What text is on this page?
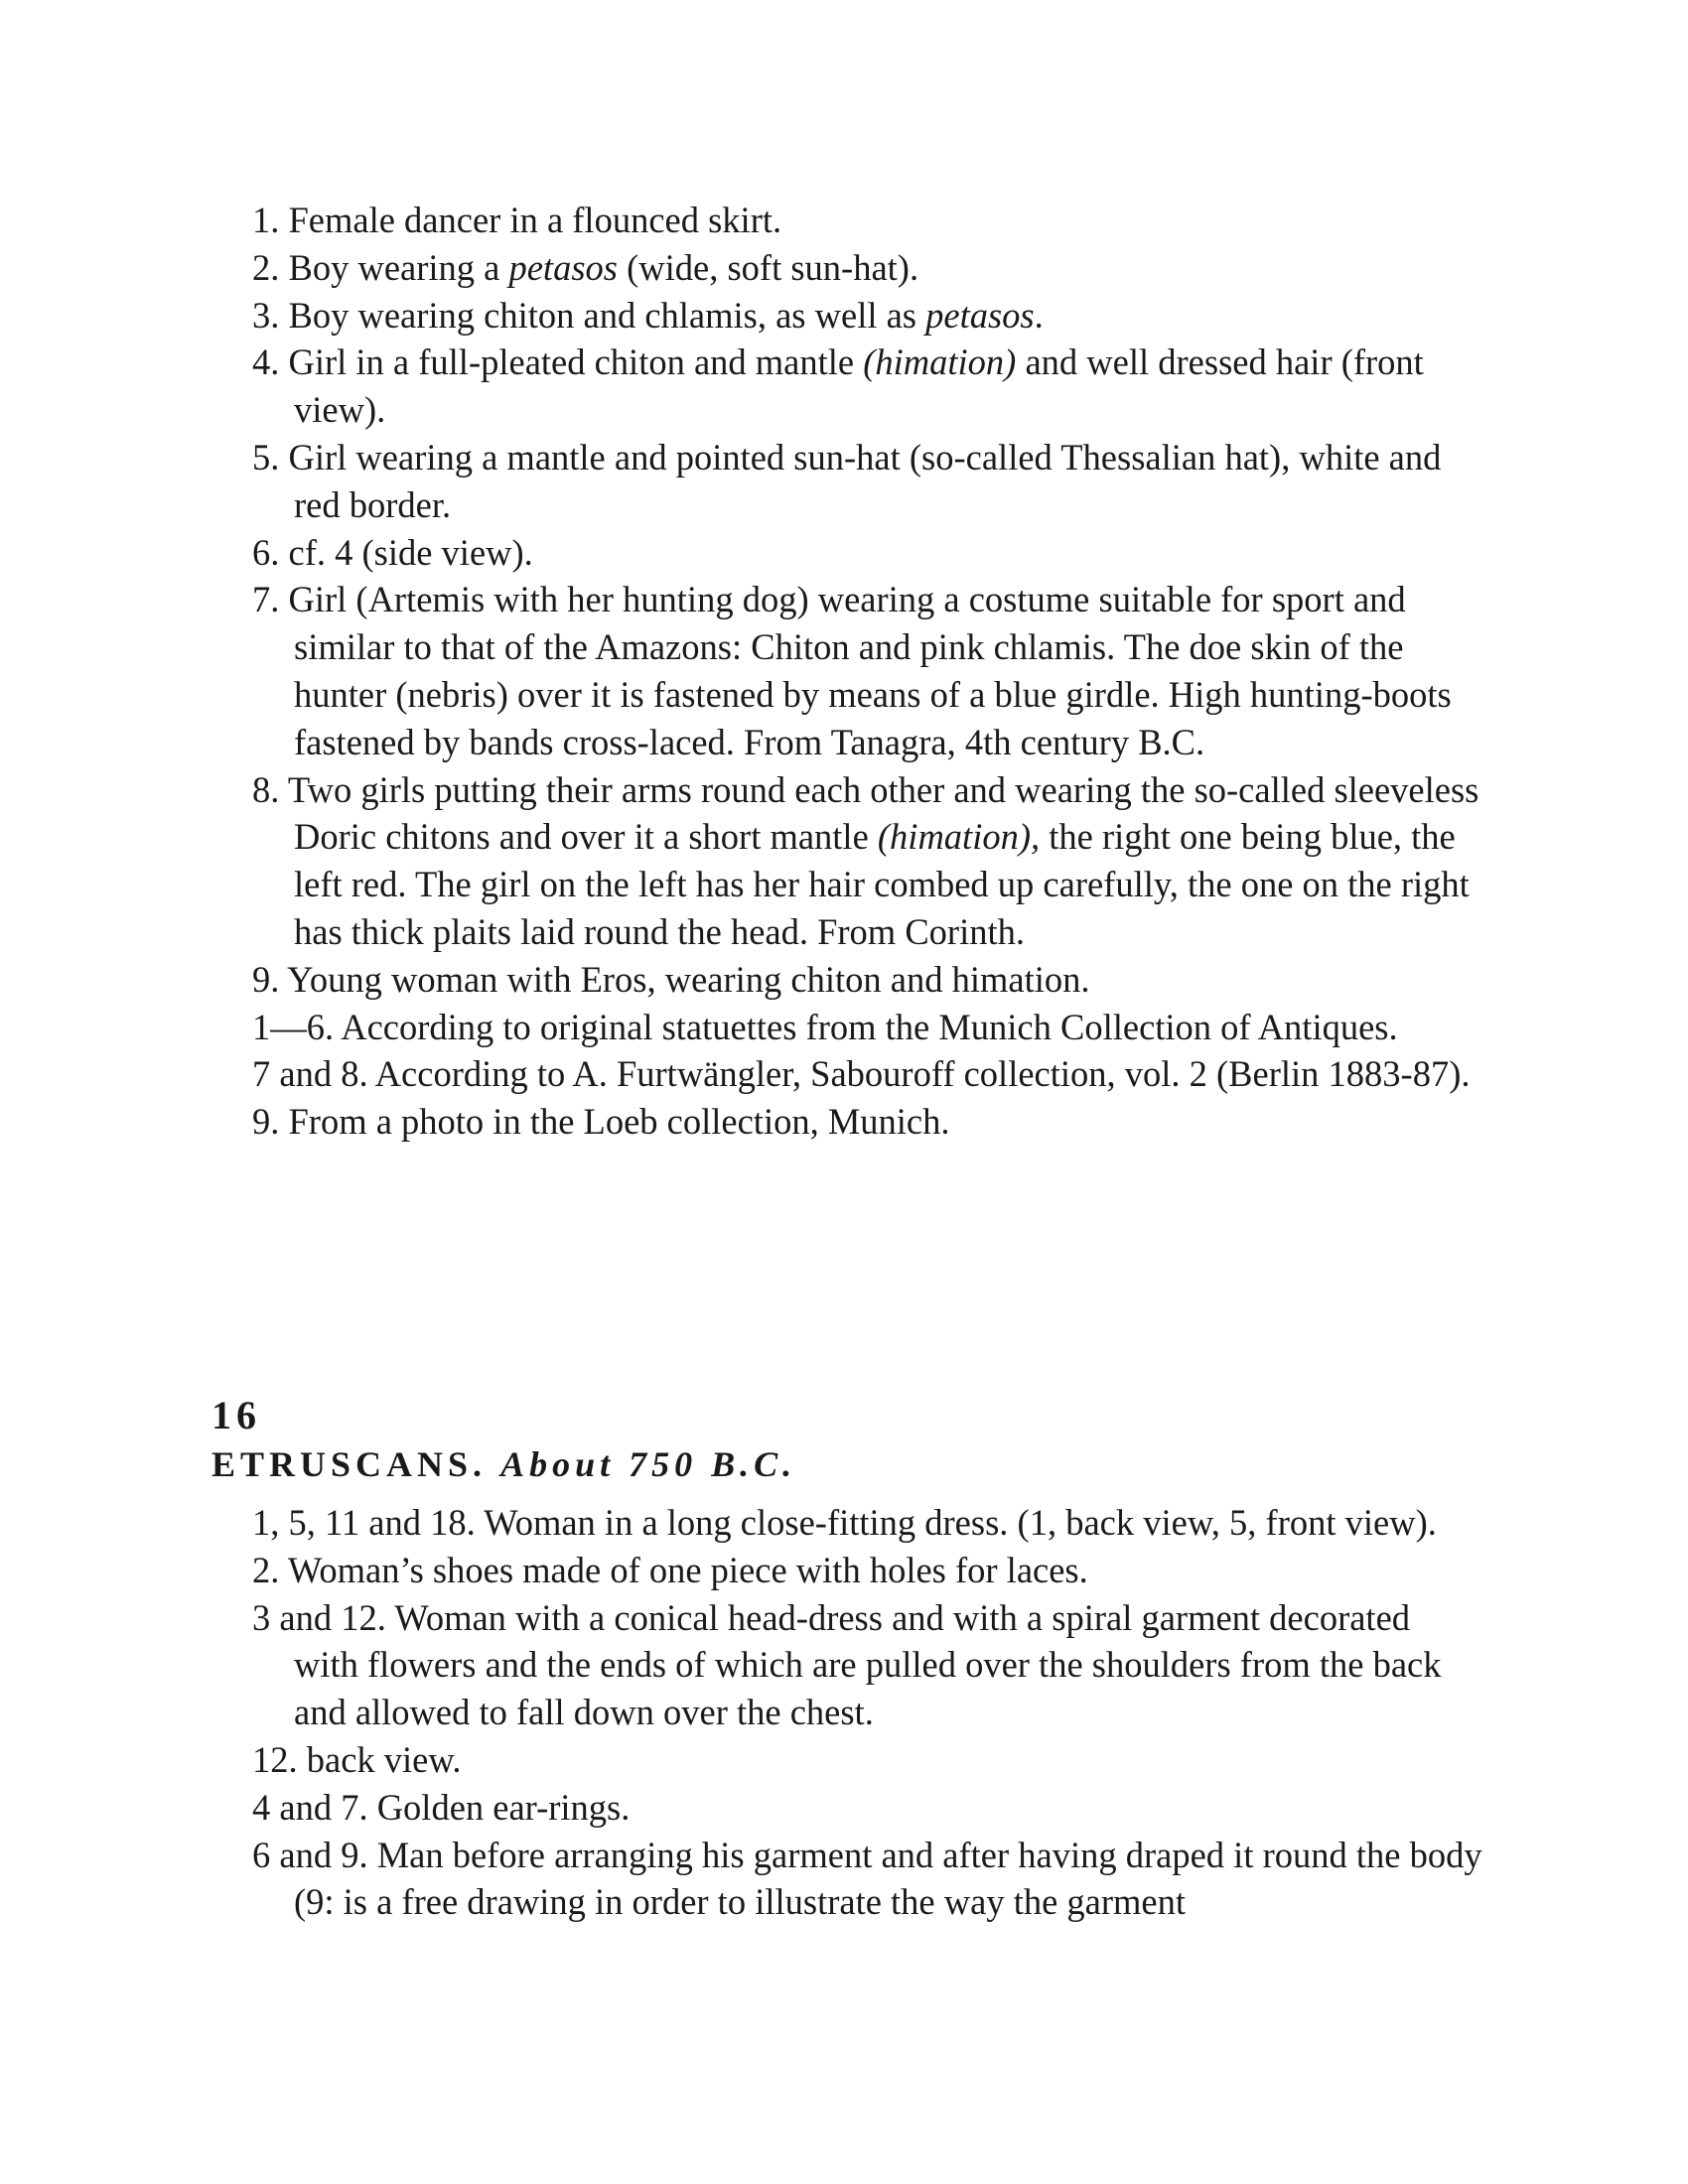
1. Female dancer in a flounced skirt.
2. Boy wearing a petasos (wide, soft sun-hat).
3. Boy wearing chiton and chlamis, as well as petasos.
4. Girl in a full-pleated chiton and mantle (himation) and well dressed hair (front view).
5. Girl wearing a mantle and pointed sun-hat (so-called Thessalian hat), white and red border.
6. cf. 4 (side view).
7. Girl (Artemis with her hunting dog) wearing a costume suitable for sport and similar to that of the Amazons: Chiton and pink chlamis. The doe skin of the hunter (nebris) over it is fastened by means of a blue girdle. High hunting-boots fastened by bands cross-laced. From Tanagra, 4th century B.C.
8. Two girls putting their arms round each other and wearing the so-called sleeveless Doric chitons and over it a short mantle (himation), the right one being blue, the left red. The girl on the left has her hair combed up carefully, the one on the right has thick plaits laid round the head. From Corinth.
9. Young woman with Eros, wearing chiton and himation.
1—6. According to original statuettes from the Munich Collection of Antiques.
7 and 8. According to A. Furtwängler, Sabouroff collection, vol. 2 (Berlin 1883-87).
9. From a photo in the Loeb collection, Munich.

16

ETRUSCANS. About 750 B.C.

1, 5, 11 and 18. Woman in a long close-fitting dress. (1, back view, 5, front view).
2. Woman’s shoes made of one piece with holes for laces.
3 and 12. Woman with a conical head-dress and with a spiral garment decorated with flowers and the ends of which are pulled over the shoulders from the back and allowed to fall down over the chest.
12. back view.
4 and 7. Golden ear-rings.
6 and 9. Man before arranging his garment and after having draped it round the body (9: is a free drawing in order to illustrate the way the garment
